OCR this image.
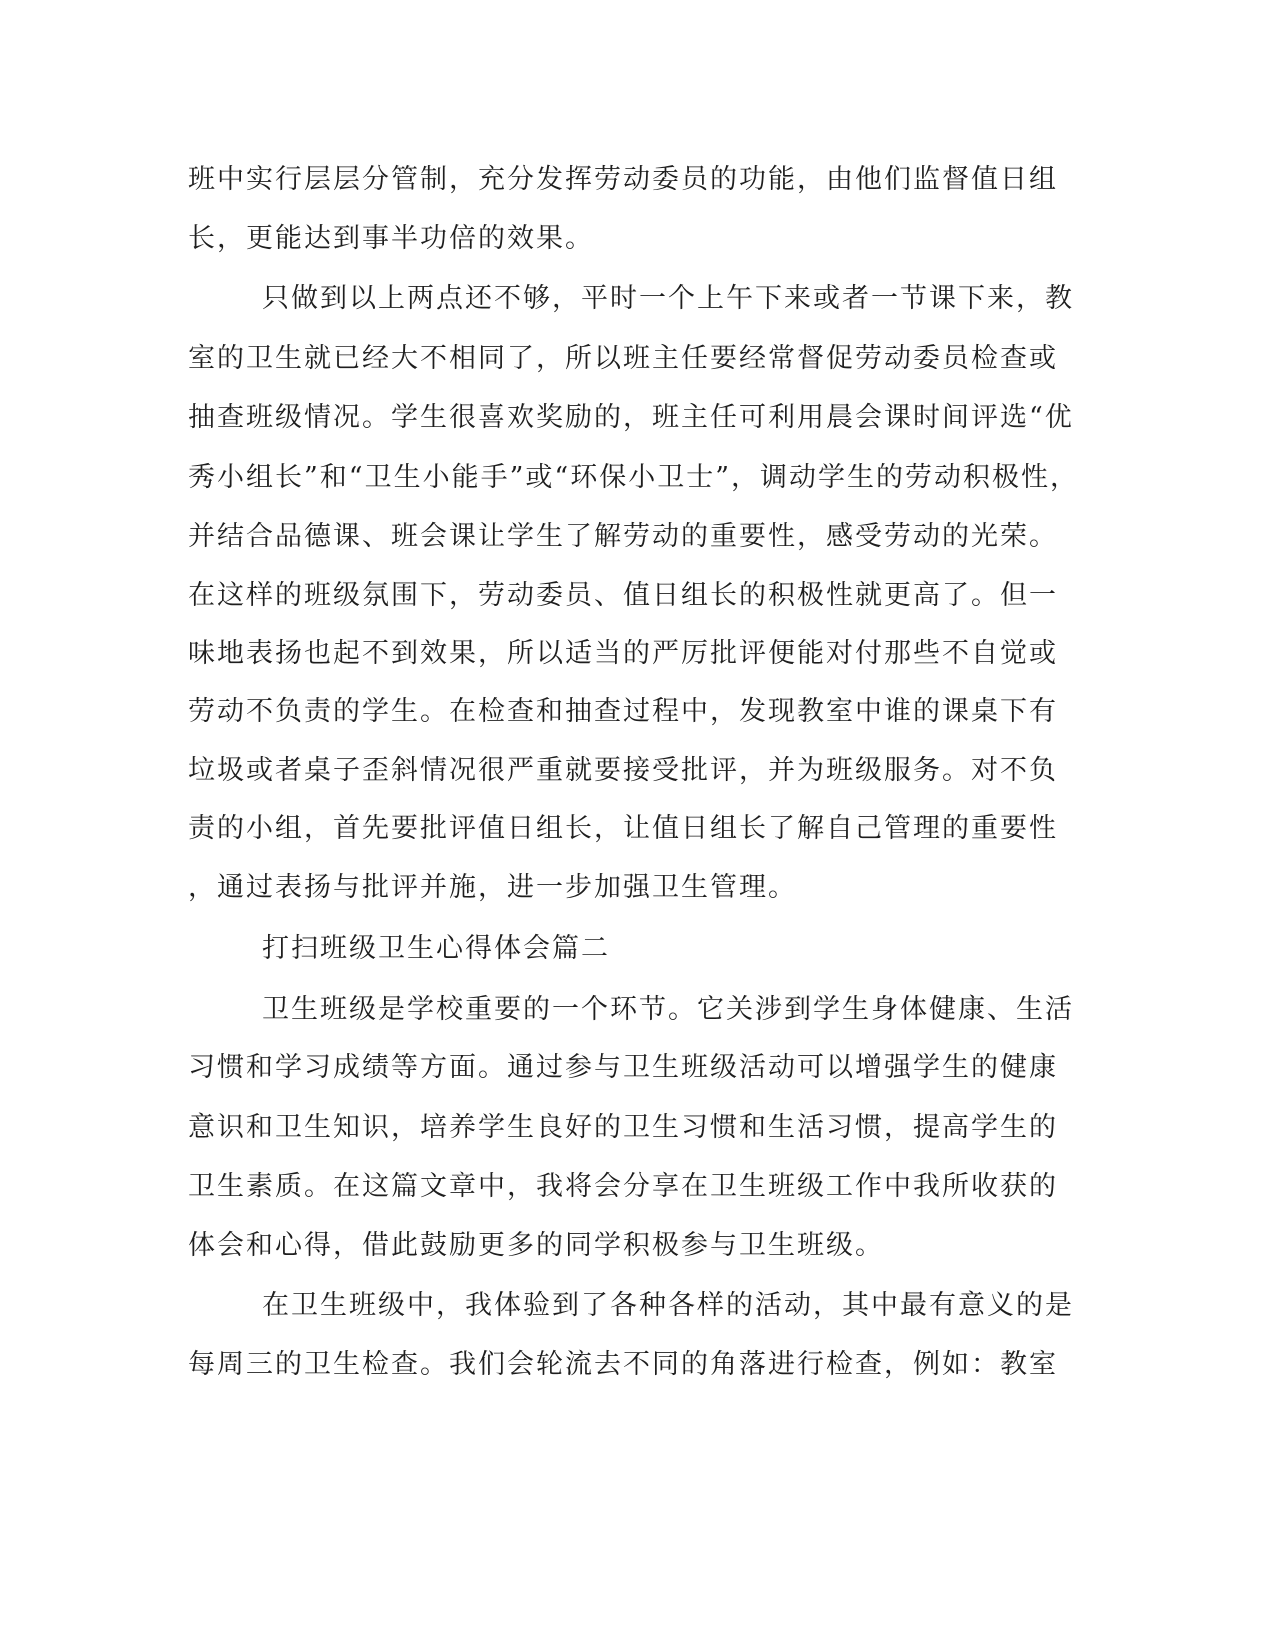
班中实行层层分管制，充分发挥劳动委员的功能，由他们监督值日组
长，更能达到事半功倍的效果。
只做到以上两点还不够，平时一个上午下来或者一节课下来，教
室的卫生就已经大不相同了，所以班主任要经常督促劳动委员检查或
抽查班级情况。学生很喜欢奖励的，班主任可利用晨会课时间评选“优
秀小组长”和“卫生小能手”或“环保小卫士”，调动学生的劳动积极性，
并结合品德课、班会课让学生了解劳动的重要性，感受劳动的光荣。
在这样的班级氛围下，劳动委员、值日组长的积极性就更高了。但一
味地表扬也起不到效果，所以适当的严厉批评便能对付那些不自觉或
劳动不负责的学生。在检查和抽查过程中，发现教室中谁的课桌下有
垃圾或者桌子歪斜情况很严重就要接受批评，并为班级服务。对不负
责的小组，首先要批评值日组长，让值日组长了解自己管理的重要性
，通过表扬与批评并施，进一步加强卫生管理。
打扫班级卫生心得体会篇二
卫生班级是学校重要的一个环节。它关涉到学生身体健康、生活
习惯和学习成绩等方面。通过参与卫生班级活动可以增强学生的健康
意识和卫生知识，培养学生良好的卫生习惯和生活习惯，提高学生的
卫生素质。在这篇文章中，我将会分享在卫生班级工作中我所收获的
体会和心得，借此鼓励更多的同学积极参与卫生班级。
在卫生班级中，我体验到了各种各样的活动，其中最有意义的是
每周三的卫生检查。我们会轮流去不同的角落进行检查，例如：教室
